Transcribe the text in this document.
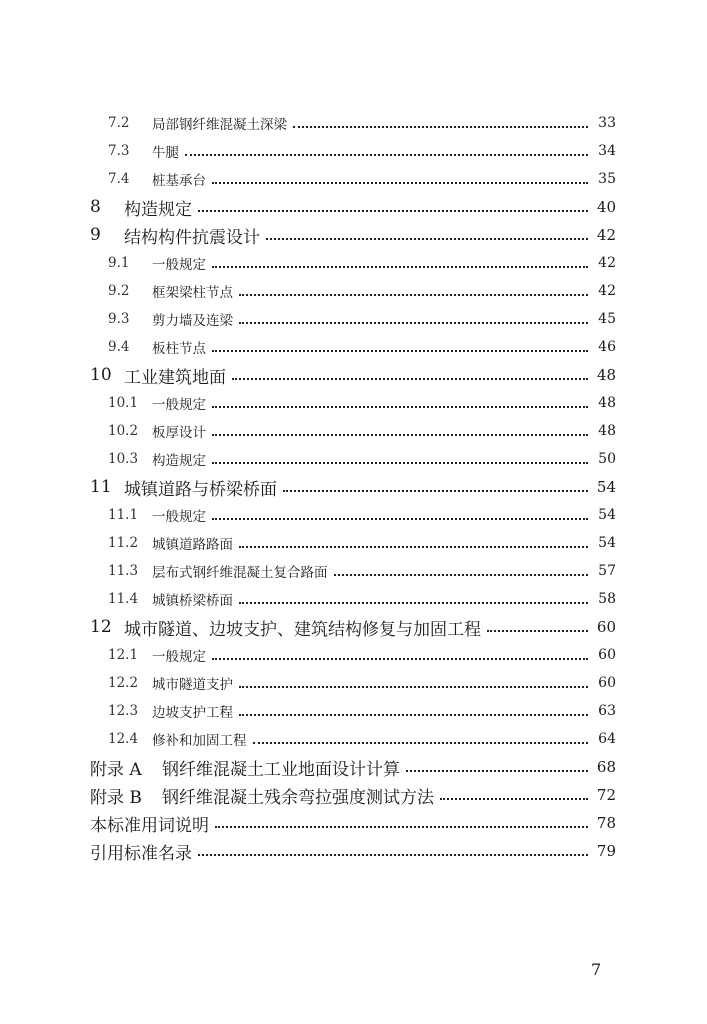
7.2	局部钢纤维混凝土深梁	33
7.3	牛腿	34
7.4	桩基承台	35
8	构造规定	40
9	结构构件抗震设计	42
9.1	一般规定	42
9.2	框架梁柱节点	42
9.3	剪力墙及连梁	45
9.4	板柱节点	46
10 工业建筑地面	48
10.1	一般规定	48
10.2	板厚设计	48
10.3	构造规定	50
11 城镇道路与桥梁桥面	54
11.1	一般规定	54
11.2	城镇道路路面	54
11.3	层布式钢纤维混凝土复合路面	57
11.4	城镇桥梁桥面	58
12 城市隧道、边坡支护、建筑结构修复与加固工程	60
12.1	一般规定	60
12.2	城市隧道支护	60
12.3	边坡支护工程	63
12.4	修补和加固工程	64
附录 A	钢纤维混凝土工业地面设计计算	68
附录 B	钢纤维混凝土残余弯拉强度测试方法	72
本标准用词说明	78
引用标准名录	79
7
